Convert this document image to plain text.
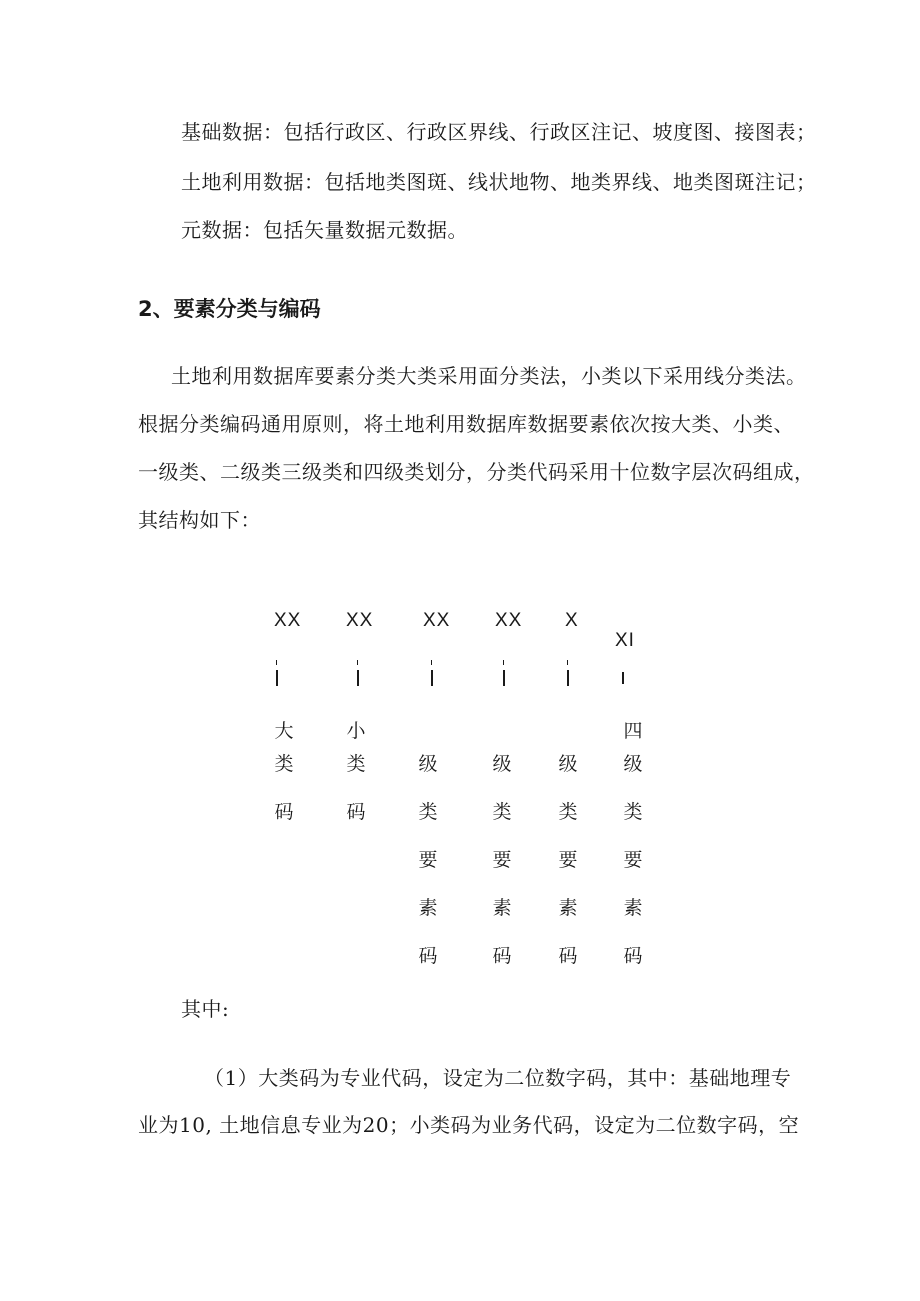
基础数据：包括行政区、行政区界线、行政区注记、坡度图、接图表；
土地利用数据：包括地类图斑、线状地物、地类界线、地类图斑注记；
元数据：包括矢量数据元数据。
2、要素分类与编码
土地利用数据库要素分类大类采用面分类法，小类以下采用线分类法。
根据分类编码通用原则，将土地利用数据库数据要素依次按大类、小类、
一级类、二级类三级类和四级类划分，分类代码采用十位数字层次码组成，
其结构如下：
XX XX	XX XX X
XI
大
类
码
小
类
码
级
类
要
素
码
级
类
要
素
码
级
类
要
素
码
四
级
类
要
素
码
其中:
（1）大类码为专业代码，设定为二位数字码，其中：基础地理专
业为10, 土地信息专业为20；小类码为业务代码，设定为二位数字码，空
